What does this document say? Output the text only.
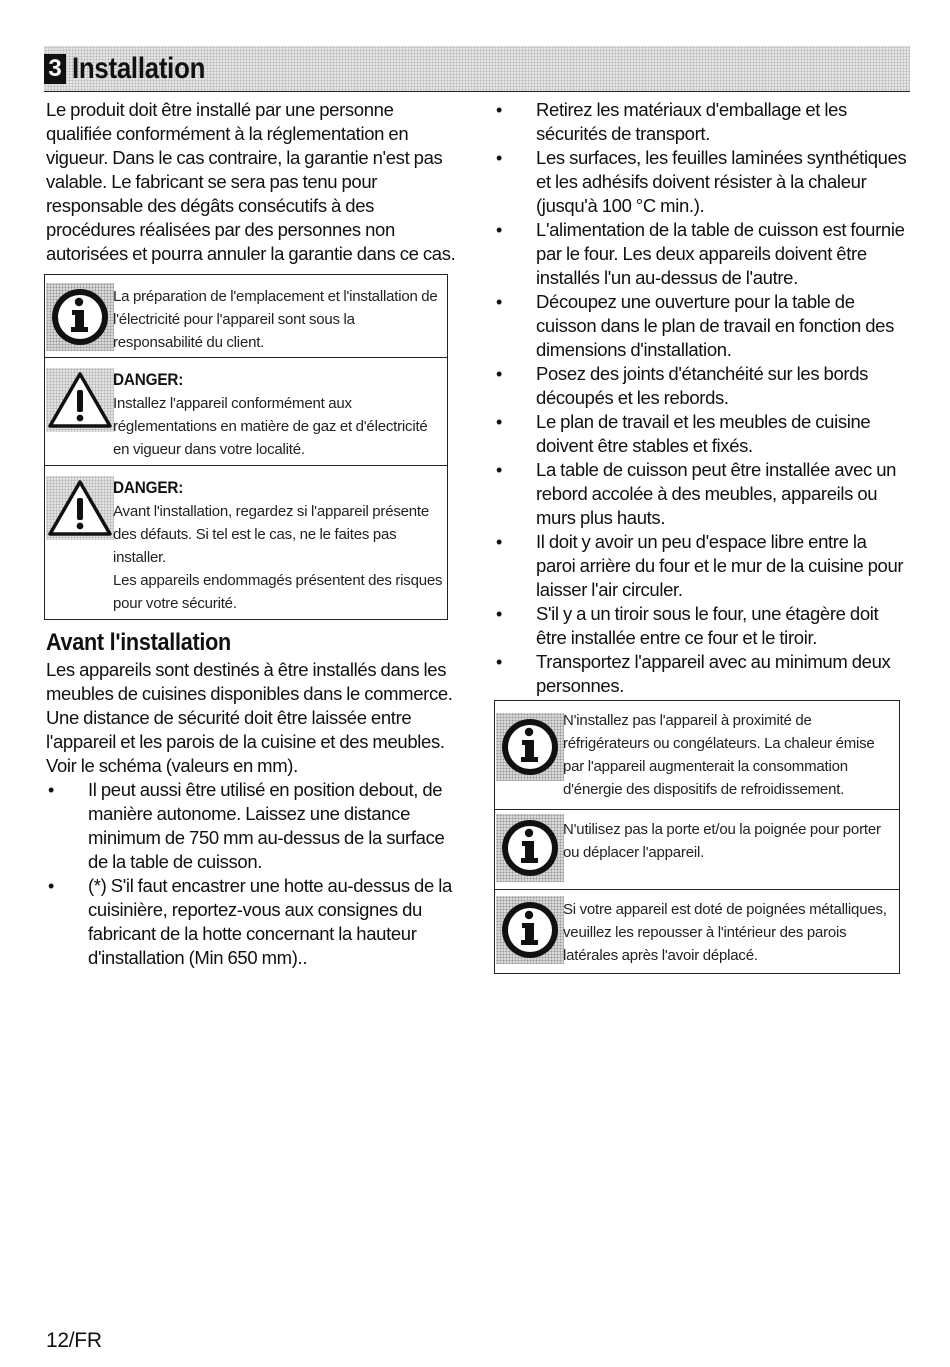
3 Installation

Le produit doit être installé par une personne qualifiée conformément à la réglementation en vigueur. Dans le cas contraire, la garantie n'est pas valable. Le fabricant se sera pas tenu pour responsable des dégâts consécutifs à des procédures réalisées par des personnes non autorisées et pourra annuler la garantie dans ce cas.

La préparation de l'emplacement et l'installation de l'électricité pour l'appareil sont sous la responsabilité du client.

DANGER:

Installez l'appareil conformément aux réglementations en matière de gaz et d'électricité en vigueur dans votre localité.

DANGER:

Avant l'installation, regardez si l'appareil présente des défauts. Si tel est le cas, ne le faites pas installer.

Les appareils endommagés présentent des risques pour votre sécurité.

Avant l'installation

Les appareils sont destinés à être installés dans les meubles de cuisines disponibles dans le commerce. Une distance de sécurité doit être laissée entre l'appareil et les parois de la cuisine et des meubles. Voir le schéma (valeurs en mm).

• Il peut aussi être utilisé en position debout, de manière autonome. Laissez une distance minimum de 750 mm au-dessus de la surface de la table de cuisson.
• (*) S'il faut encastrer une hotte au-dessus de la cuisinière, reportez-vous aux consignes du fabricant de la hotte concernant la hauteur d'installation (Min 650 mm)..
• Retirez les matériaux d'emballage et les sécurités de transport.
• Les surfaces, les feuilles laminées synthétiques et les adhésifs doivent résister à la chaleur (jusqu'à 100 °C min.).
• L'alimentation de la table de cuisson est fournie par le four. Les deux appareils doivent être installés l'un au-dessus de l'autre.
• Découpez une ouverture pour la table de cuisson dans le plan de travail en fonction des dimensions d'installation.
• Posez des joints d'étanchéité sur les bords découpés et les rebords.
• Le plan de travail et les meubles de cuisine doivent être stables et fixés.
• La table de cuisson peut être installée avec un rebord accolée à des meubles, appareils ou murs plus hauts.
• Il doit y avoir un peu d'espace libre entre la paroi arrière du four et le mur de la cuisine pour laisser l'air circuler.
• S'il y a un tiroir sous le four, une étagère doit être installée entre ce four et le tiroir.
• Transportez l'appareil avec au minimum deux personnes.

N'installez pas l'appareil à proximité de réfrigérateurs ou congélateurs. La chaleur émise par l'appareil augmenterait la consommation d'énergie des dispositifs de refroidissement.

N'utilisez pas la porte et/ou la poignée pour porter ou déplacer l'appareil.

Si votre appareil est doté de poignées métalliques, veuillez les repousser à l'intérieur des parois latérales après l'avoir déplacé.

12/FR
